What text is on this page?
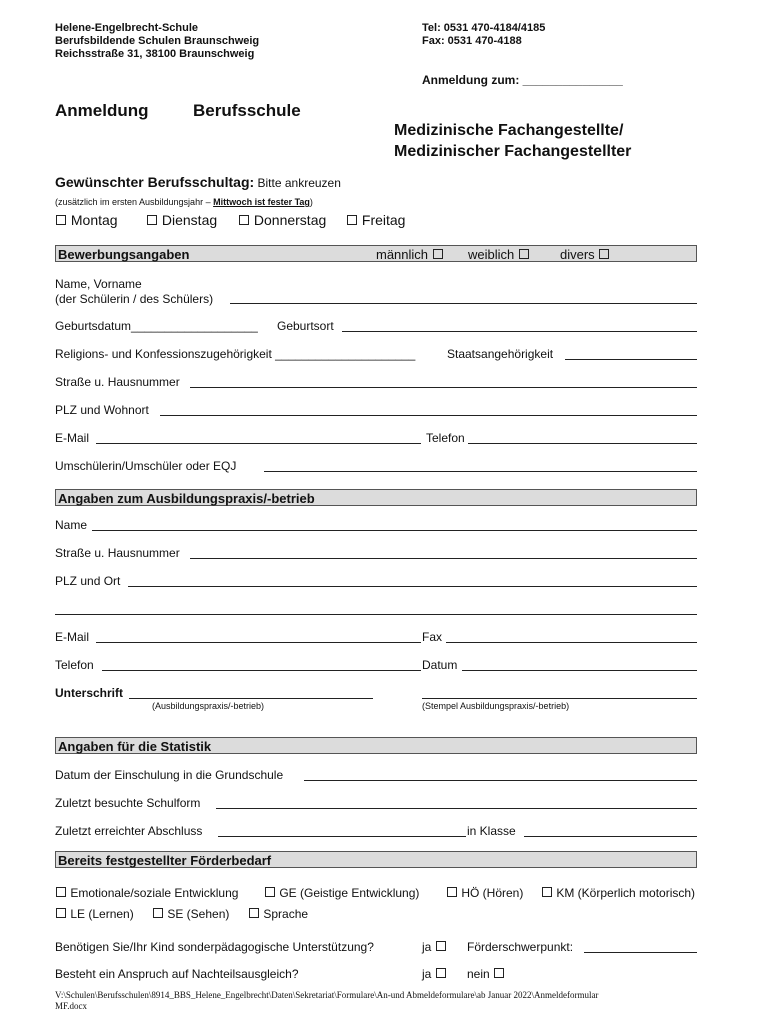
Helene-Engelbrecht-Schule
Berufsbildende Schulen Braunschweig
Reichsstraße 31, 38100 Braunschweig
Tel: 0531 470-4184/4185
Fax: 0531 470-4188
Anmeldung zum: _______________
Anmeldung	Berufsschule
Medizinische Fachangestellte/
Medizinischer Fachangestellter
Gewünschter Berufsschultag: Bitte ankreuzen
(zusätzlich im ersten Ausbildungsjahr – Mittwoch ist fester Tag)
Montag	Dienstag	Donnerstag	Freitag
Bewerbungsangaben	männlich	weiblich	divers
Name, Vorname
(der Schülerin / des Schülers)
Geburtsdatum___________________ Geburtsort
Religions- und Konfessionszugehörigkeit _____________________	Staatsangehörigkeit
Straße u. Hausnummer
PLZ und Wohnort
E-Mail	Telefon
Umschülerin/Umschüler oder EQJ
Angaben zum Ausbildungspraxis/-betrieb
Name
Straße u. Hausnummer
PLZ und Ort
E-Mail	Fax
Telefon	Datum
Unterschrift
(Ausbildungspraxis/-betrieb)	(Stempel Ausbildungspraxis/-betrieb)
Angaben für die Statistik
Datum der Einschulung in die Grundschule
Zuletzt besuchte Schulform
Zuletzt erreichter Abschluss	in Klasse
Bereits festgestellter Förderbedarf
Emotionale/soziale Entwicklung	GE (Geistige Entwicklung)	HÖ (Hören)	KM (Körperlich motorisch)
LE (Lernen)	SE (Sehen)	Sprache
Benötigen Sie/Ihr Kind sonderpädagogische Unterstützung?	ja	Förderschwerpunkt:
Besteht ein Anspruch auf Nachteilsausgleich?	ja	nein
V:\Schulen\Berufsschulen\8914_BBS_Helene_Engelbrecht\Daten\Sekretariat\Formulare\An-und Abmeldeformulare\ab Januar 2022\Anmeldeformular
MF.docx
